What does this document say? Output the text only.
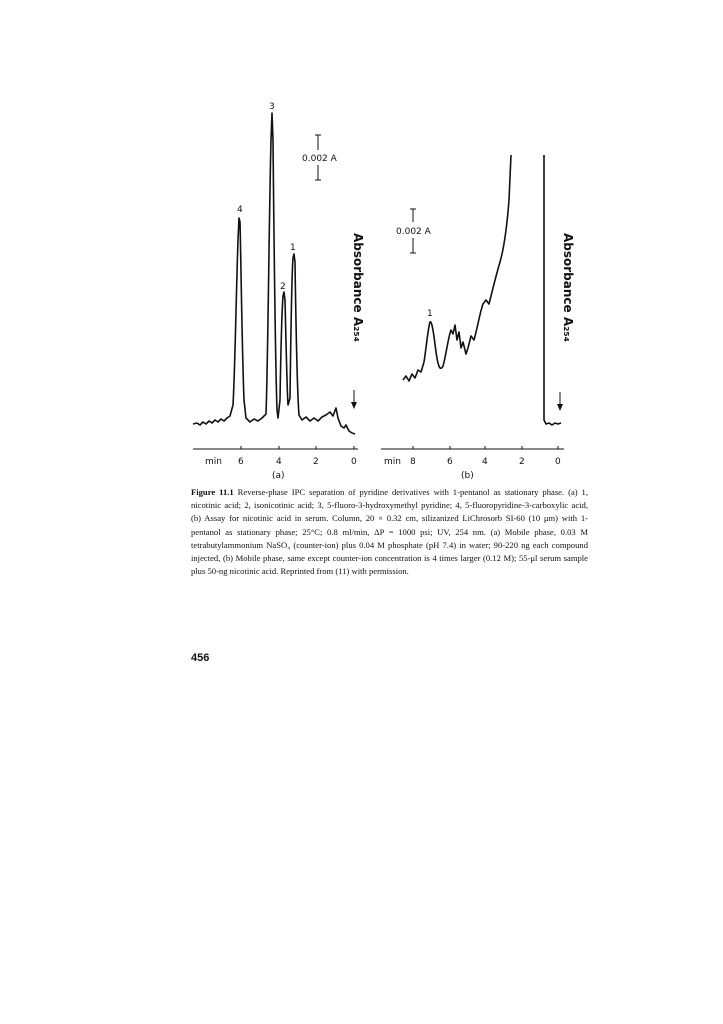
4
3
2
1
0.002 A
Absorbance A₂₅₄
min 6	4	2	0
(a)
1
0.002 A
Absorbance A₂₅₄
min 8	6	4	2	0
(b)
Figure 11.1 Reverse-phase IPC separation of pyridine derivatives with 1-pentanol as stationary phase. (a) 1, nicotinic acid; 2, isonicotinic acid; 3, 5-fluoro-3-hydroxymethyl pyridine; 4, 5-fluoropyridine-3-carboxylic acid, (b) Assay for nicotinic acid in serum. Column, 20 × 0.32 cm, silizanized LiChrosorb SI-60 (10 μm) with 1-pentanol as stationary phase; 25°C; 0.8 ml/min, ΔP = 1000 psi; UV, 254 nm. (a) Mobile phase, 0.03 M tetrabutylammonium NaSO₄ (counter-ion) plus 0.04 M phosphate (pH 7.4) in water; 90-220 ng each compound injected, (b) Mobile phase, same except counter-ion concentration is 4 times larger (0.12 M); 55-μl serum sample plus 50-ng nicotinic acid. Reprinted from (11) with permission.
456
